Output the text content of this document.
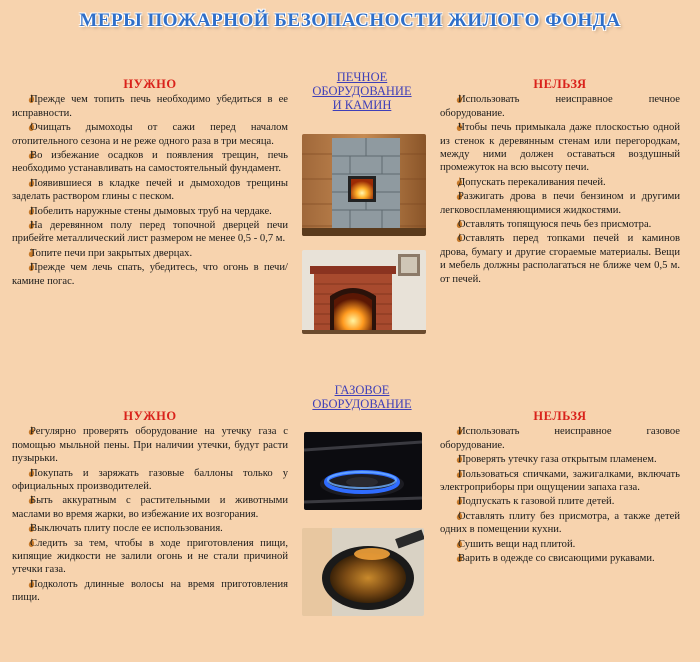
МЕРЫ ПОЖАРНОЙ БЕЗОПАСНОСТИ ЖИЛОГО ФОНДА
НУЖНО
Прежде чем топить печь необходимо убедиться в ее исправности.
Очищать дымоходы от сажи перед началом отопительного сезона и не реже одного раза в три месяца.
Во избежание осадков и появления трещин, печь необходимо устанавливать на самостоятельный фундамент.
Появившиеся в кладке печей и дымоходов трещины заделать раствором глины с песком.
Побелить наружные стены дымовых труб на чердаке.
На деревянном полу перед топочной дверцей печи прибейте металлический лист размером не менее 0,5 - 0,7 м.
Топите печи при закрытых дверцах.
Прежде чем лечь спать, убедитесь, что огонь в печи/камине погас.
ПЕЧНОЕ
ОБОРУДОВАНИЕ
И КАМИН
НЕЛЬЗЯ
Использовать неисправное печное оборудование.
Чтобы печь примыкала даже плоскостью одной из стенок к деревянным стенам или перегородкам, между ними должен оставаться воздушный промежуток на всю высоту печи.
Допускать перекаливания печей.
Разжигать дрова в печи бензином и другими легковоспламеняющимися жидкостями.
Оставлять топящуюся печь без присмотра.
Оставлять перед топками печей и каминов дрова, бумагу и другие сгораемые материалы. Вещи и мебель должны располагаться не ближе чем 0,5 м. от печей.
ГАЗОВОЕ
ОБОРУДОВАНИЕ
НУЖНО
Регулярно проверять оборудование на утечку газа с помощью мыльной пены. При наличии утечки, будут расти пузырьки.
Покупать и заряжать газовые баллоны только у официальных производителей.
Быть аккуратным с растительными и животными маслами во время жарки, во избежание их возгорания.
Выключать плиту после ее использования.
Следить за тем, чтобы в ходе приготовления пищи, кипящие жидкости не залили огонь и не стали причиной утечки газа.
Подколоть длинные волосы на время приготовления пищи.
НЕЛЬЗЯ
Использовать неисправное газовое оборудование.
Проверять утечку газа открытым пламенем.
Пользоваться спичками, зажигалками, включать электроприборы при ощущении запаха газа.
Подпускать к газовой плите детей.
Оставлять плиту без присмотра, а также детей одних в помещении кухни.
Сушить вещи над плитой.
Варить в одежде со свисающими рукавами.
